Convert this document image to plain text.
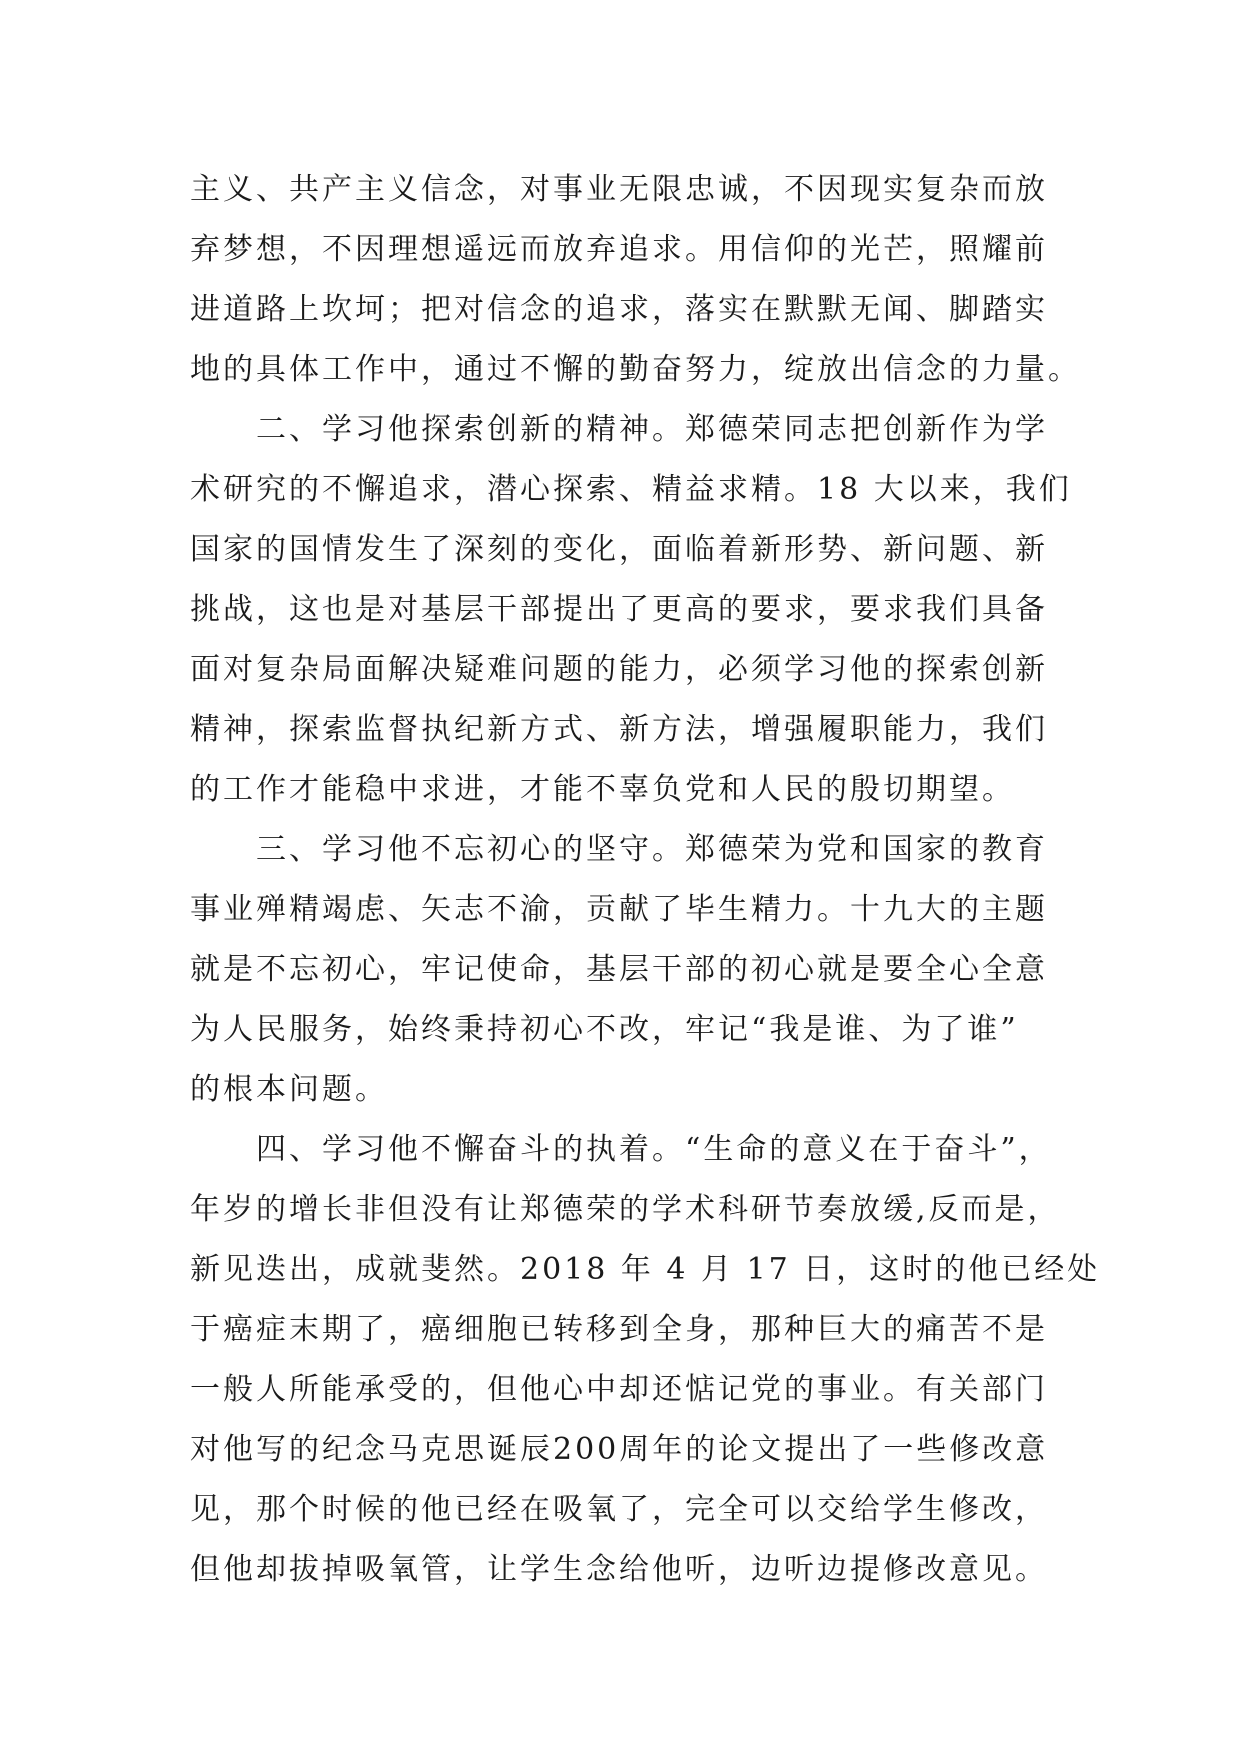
主义、共产主义信念，对事业无限忠诚，不因现实复杂而放
弃梦想，不因理想遥远而放弃追求。用信仰的光芒，照耀前
进道路上坎坷；把对信念的追求，落实在默默无闻、脚踏实
地的具体工作中，通过不懈的勤奋努力，绽放出信念的力量。
二、学习他探索创新的精神。郑德荣同志把创新作为学
术研究的不懈追求，潜心探索、精益求精。18 大以来，我们
国家的国情发生了深刻的变化，面临着新形势、新问题、新
挑战，这也是对基层干部提出了更高的要求，要求我们具备
面对复杂局面解决疑难问题的能力，必须学习他的探索创新
精神，探索监督执纪新方式、新方法，增强履职能力，我们
的工作才能稳中求进，才能不辜负党和人民的殷切期望。
三、学习他不忘初心的坚守。郑德荣为党和国家的教育
事业殚精竭虑、矢志不渝，贡献了毕生精力。十九大的主题
就是不忘初心，牢记使命，基层干部的初心就是要全心全意
为人民服务，始终秉持初心不改，牢记“我是谁、为了谁”
的根本问题。
四、学习他不懈奋斗的执着。“生命的意义在于奋斗”，
年岁的增长非但没有让郑德荣的学术科研节奏放缓,反而是，
新见迭出，成就斐然。2018 年 4 月 17 日，这时的他已经处
于癌症末期了，癌细胞已转移到全身，那种巨大的痛苦不是
一般人所能承受的，但他心中却还惦记党的事业。有关部门
对他写的纪念马克思诞辰200周年的论文提出了一些修改意
见，那个时候的他已经在吸氧了，完全可以交给学生修改，
但他却拔掉吸氧管，让学生念给他听，边听边提修改意见。
